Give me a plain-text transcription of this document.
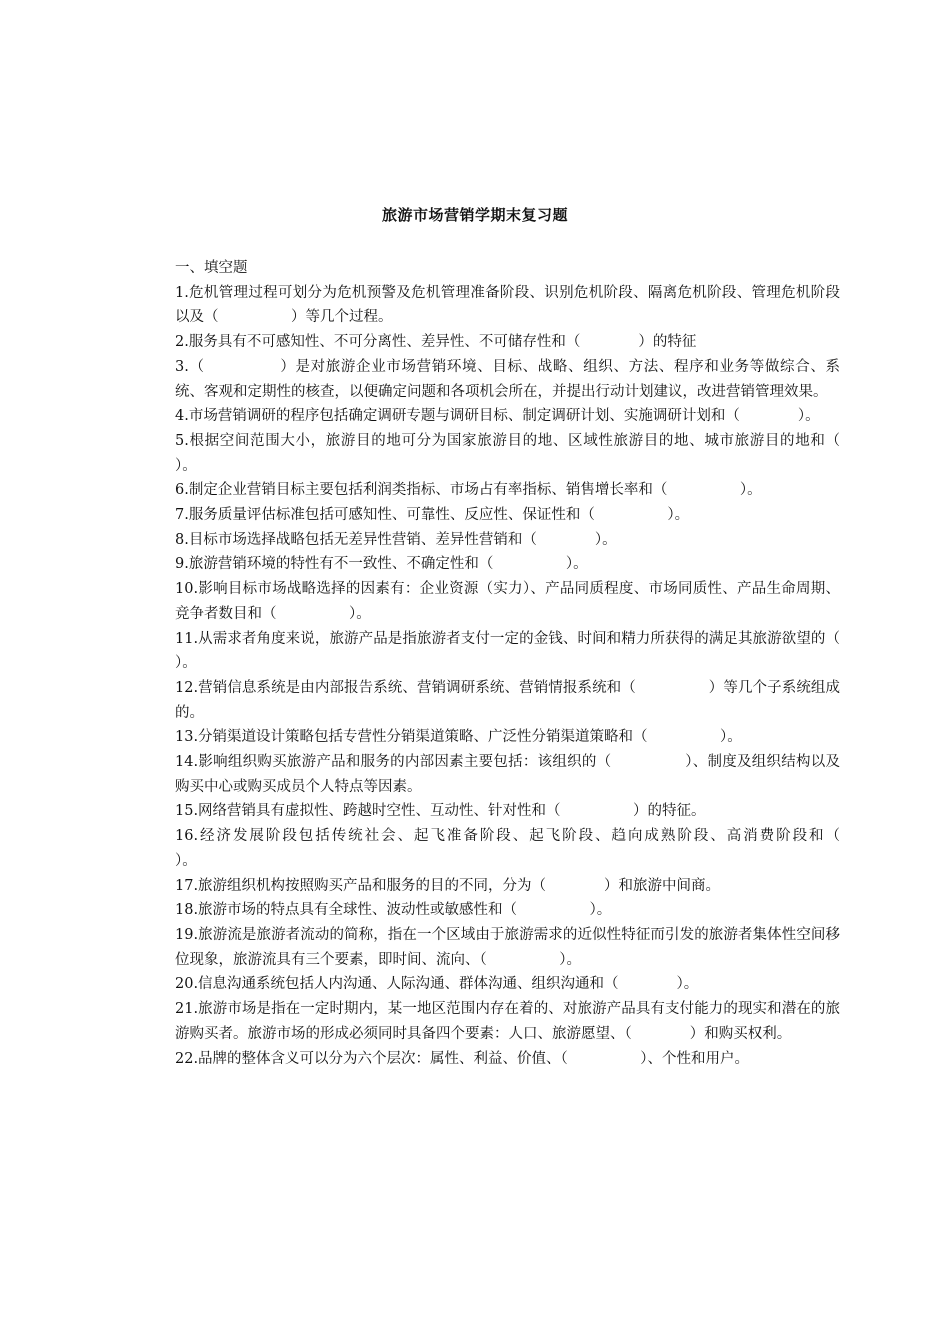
旅游市场营销学期末复习题

一、填空题

1.危机管理过程可划分为危机预警及危机管理准备阶段、识别危机阶段、隔离危机阶段、管理危机阶段以及（　　　　　）等几个过程。

2.服务具有不可感知性、不可分离性、差异性、不可储存性和（　　　　）的特征

3.（　　　　　）是对旅游企业市场营销环境、目标、战略、组织、方法、程序和业务等做综合、系统、客观和定期性的核查，以便确定问题和各项机会所在，并提出行动计划建议，改进营销管理效果。

4.市场营销调研的程序包括确定调研专题与调研目标、制定调研计划、实施调研计划和（　　　　）。

5.根据空间范围大小，旅游目的地可分为国家旅游目的地、区域性旅游目的地、城市旅游目的地和（　　　　　）。

6.制定企业营销目标主要包括利润类指标、市场占有率指标、销售增长率和（　　　　　）。

7.服务质量评估标准包括可感知性、可靠性、反应性、保证性和（　　　　　）。

8.目标市场选择战略包括无差异性营销、差异性营销和（　　　　）。

9.旅游营销环境的特性有不一致性、不确定性和（　　　　　）。

10.影响目标市场战略选择的因素有：企业资源（实力）、产品同质程度、市场同质性、产品生命周期、竞争者数目和（　　　　　）。

11.从需求者角度来说，旅游产品是指旅游者支付一定的金钱、时间和精力所获得的满足其旅游欲望的（　　　　）。

12.营销信息系统是由内部报告系统、营销调研系统、营销情报系统和（　　　　　）等几个子系统组成的。

13.分销渠道设计策略包括专营性分销渠道策略、广泛性分销渠道策略和（　　　　　）。

14.影响组织购买旅游产品和服务的内部因素主要包括：该组织的（　　　　　）、制度及组织结构以及购买中心或购买成员个人特点等因素。

15.网络营销具有虚拟性、跨越时空性、互动性、针对性和（　　　　　）的特征。

16.经济发展阶段包括传统社会、起飞准备阶段、起飞阶段、趋向成熟阶段、高消费阶段和（　　　　）。

17.旅游组织机构按照购买产品和服务的目的不同，分为（　　　　）和旅游中间商。

18.旅游市场的特点具有全球性、波动性或敏感性和（　　　　　）。

19.旅游流是旅游者流动的简称，指在一个区域由于旅游需求的近似性特征而引发的旅游者集体性空间移位现象，旅游流具有三个要素，即时间、流向、（　　　　　）。

20.信息沟通系统包括人内沟通、人际沟通、群体沟通、组织沟通和（　　　　）。

21.旅游市场是指在一定时期内，某一地区范围内存在着的、对旅游产品具有支付能力的现实和潜在的旅游购买者。旅游市场的形成必须同时具备四个要素：人口、旅游愿望、（　　　　）和购买权利。

22.品牌的整体含义可以分为六个层次：属性、利益、价值、（　　　　　）、个性和用户。
